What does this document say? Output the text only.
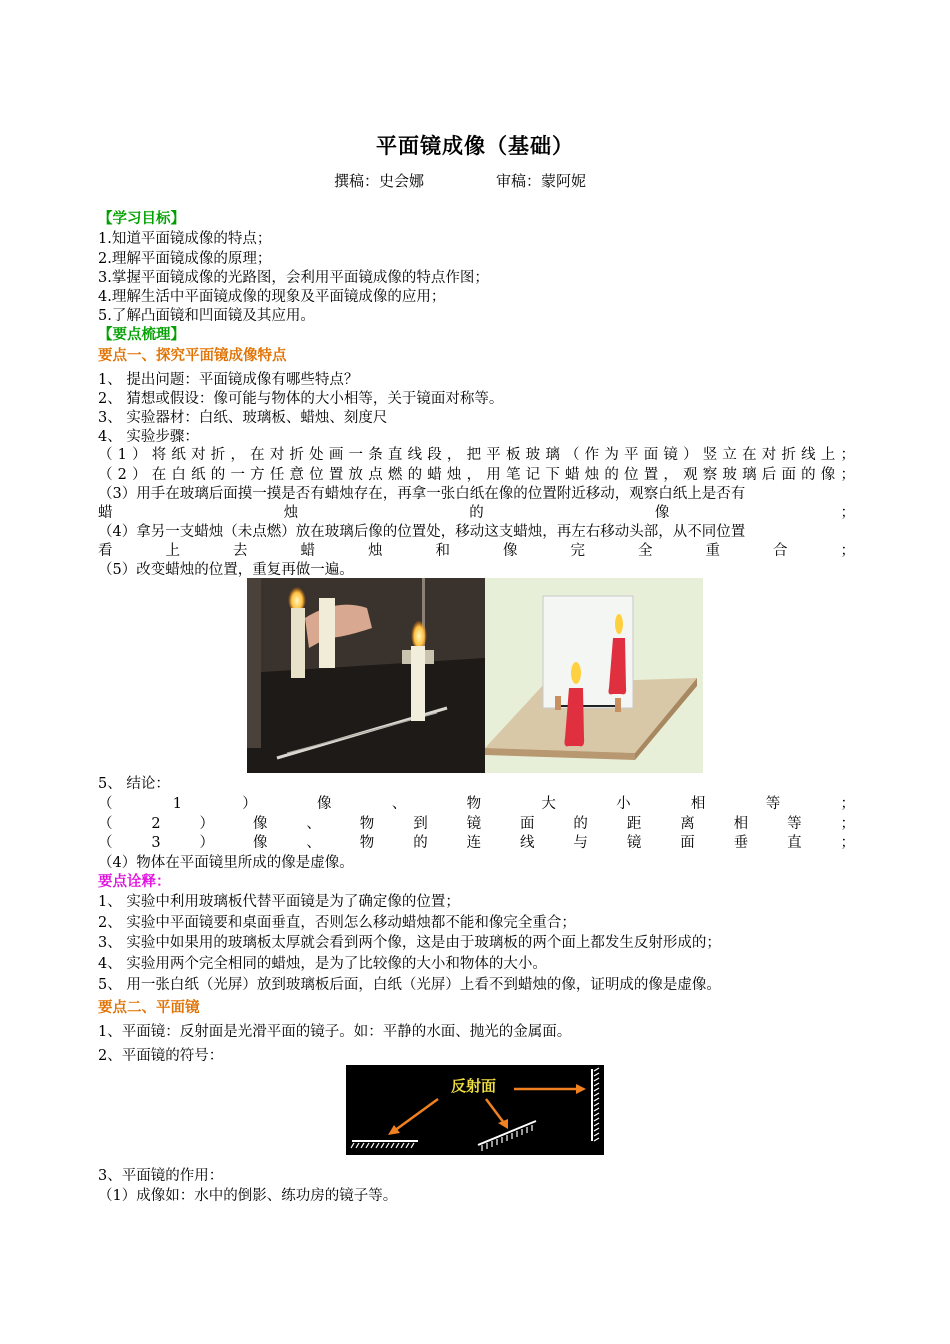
平面镜成像（基础）
撰稿：史会娜	审稿：蒙阿妮
【学习目标】
1.知道平面镜成像的特点；
2.理解平面镜成像的原理；
3.掌握平面镜成像的光路图，会利用平面镜成像的特点作图；
4.理解生活中平面镜成像的现象及平面镜成像的应用；
5.了解凸面镜和凹面镜及其应用。
【要点梳理】
要点一、探究平面镜成像特点
1、 提出问题：平面镜成像有哪些特点？
2、 猜想或假设：像可能与物体的大小相等，关于镜面对称等。
3、 实验器材：白纸、玻璃板、蜡烛、刻度尺
4、 实验步骤：
（1）将纸对折，在对折处画一条直线段，把平板玻璃（作为平面镜）竖立在对折线上；
（2）在白纸的一方任意位置放点燃的蜡烛，用笔记下蜡烛的位置，观察玻璃后面的像；
（3）用手在玻璃后面摸一摸是否有蜡烛存在，再拿一张白纸在像的位置附近移动，观察白纸上是否有
蜡烛的像；
（4）拿另一支蜡烛（未点燃）放在玻璃后像的位置处，移动这支蜡烛，再左右移动头部，从不同位置
看上去蜡烛和像完全重合；
（5）改变蜡烛的位置，重复再做一遍。
5、 结论：
（1）像、物大小相等；
（2）像、物到镜面的距离相等；
（3）像、物的连线与镜面垂直；
（4）物体在平面镜里所成的像是虚像。
要点诠释：
1、 实验中利用玻璃板代替平面镜是为了确定像的位置；
2、 实验中平面镜要和桌面垂直，否则怎么移动蜡烛都不能和像完全重合；
3、 实验中如果用的玻璃板太厚就会看到两个像，这是由于玻璃板的两个面上都发生反射形成的；
4、 实验用两个完全相同的蜡烛，是为了比较像的大小和物体的大小。
5、 用一张白纸（光屏）放到玻璃板后面，白纸（光屏）上看不到蜡烛的像，证明成的像是虚像。
要点二、平面镜
1、平面镜：反射面是光滑平面的镜子。如：平静的水面、抛光的金属面。
2、平面镜的符号：
反射面
3、平面镜的作用：
（1）成像如：水中的倒影、练功房的镜子等。
